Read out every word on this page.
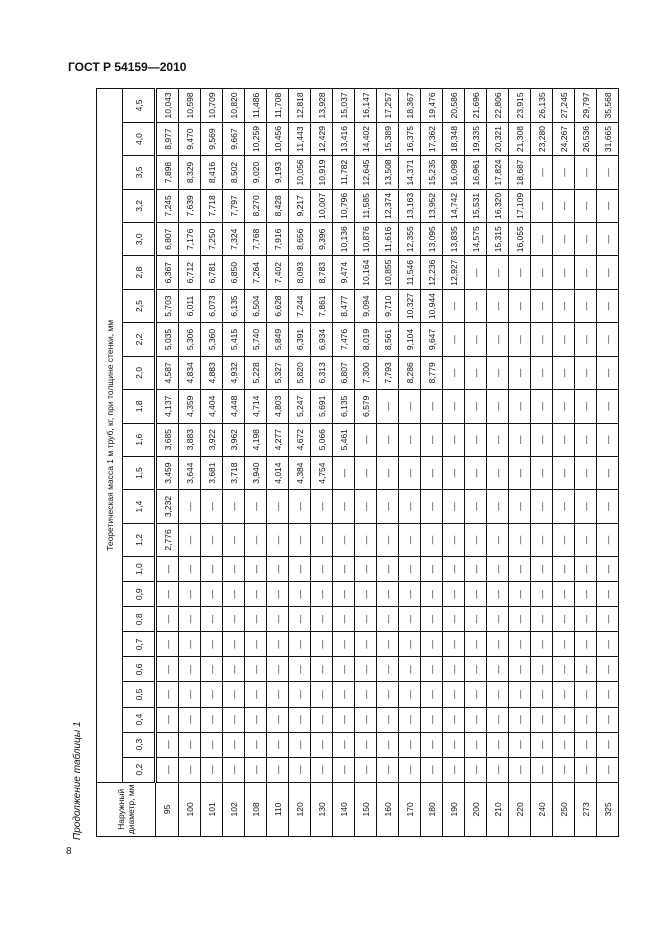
ГОСТ Р 54159—2010
Продолжение таблицы 1
8
Наружный диаметр, мм	Теоретическая масса 1 м труб, кг, при толщине стенки, мм																						
	0,2	0,3	0,4	0,5	0,6	0,7	0,8	0,9	1,0	1,2	1,4	1,5	1,6	1,8	2,0	2,2	2,5	2,8	3,0	3,2	3,5	4,0	4,5
95	—	—	—	—	—	—	—	—	—	2,776	3,232	3,459	3,685	4,137	4,587	5,035	5,703	6,367	6,807	7,245	7,898	8,977	10,043
100	—	—	—	—	—	—	—	—	—	—	—	3,644	3,883	4,359	4,834	5,306	6,011	6,712	7,176	7,639	8,329	9,470	10,598
101	—	—	—	—	—	—	—	—	—	—	—	3,681	3,922	4,404	4,883	5,360	6,073	6,781	7,250	7,718	8,416	9,569	10,709
102	—	—	—	—	—	—	—	—	—	—	—	3,718	3,962	4,448	4,932	5,415	6,135	6,850	7,324	7,797	8,502	9,667	10,820
108	—	—	—	—	—	—	—	—	—	—	—	3,940	4,198	4,714	5,228	5,740	6,504	7,264	7,768	8,270	9,020	10,259	11,486
110	—	—	—	—	—	—	—	—	—	—	—	4,014	4,277	4,803	5,327	5,849	6,628	7,402	7,916	8,428	9,193	10,456	11,708
120	—	—	—	—	—	—	—	—	—	—	—	4,384	4,672	5,247	5,820	6,391	7,244	8,093	8,656	9,217	10,056	11,443	12,818
130	—	—	—	—	—	—	—	—	—	—	—	4,754	5,066	5,691	6,313	6,934	7,861	8,783	9,396	10,007	10,919	12,429	13,928
140	—	—	—	—	—	—	—	—	—	—	—	—	5,461	6,135	6,807	7,476	8,477	9,474	10,136	10,796	11,782	13,416	15,037
150	—	—	—	—	—	—	—	—	—	—	—	—	—	6,579	7,300	8,019	9,094	10,164	10,876	11,585	12,645	14,402	16,147
160	—	—	—	—	—	—	—	—	—	—	—	—	—	—	7,793	8,561	9,710	10,855	11,616	12,374	13,508	15,389	17,257
170	—	—	—	—	—	—	—	—	—	—	—	—	—	—	8,286	9,104	10,327	11,546	12,355	13,163	14,371	16,375	18,367
180	—	—	—	—	—	—	—	—	—	—	—	—	—	—	8,779	9,647	10,944	12,236	13,095	13,952	15,235	17,362	19,476
190	—	—	—	—	—	—	—	—	—	—	—	—	—	—	—	—	—	12,927	13,835	14,742	16,098	18,348	20,586
200	—	—	—	—	—	—	—	—	—	—	—	—	—	—	—	—	—	—	14,575	15,531	16,961	19,335	21,696
210	—	—	—	—	—	—	—	—	—	—	—	—	—	—	—	—	—	—	15,315	16,320	17,824	20,321	22,806
220	—	—	—	—	—	—	—	—	—	—	—	—	—	—	—	—	—	—	16,055	17,109	18,687	21,308	23,915
240	—	—	—	—	—	—	—	—	—	—	—	—	—	—	—	—	—	—	—	—	—	23,280	26,135
250	—	—	—	—	—	—	—	—	—	—	—	—	—	—	—	—	—	—	—	—	—	24,267	27,245
273	—	—	—	—	—	—	—	—	—	—	—	—	—	—	—	—	—	—	—	—	—	26,536	29,797
325	—	—	—	—	—	—	—	—	—	—	—	—	—	—	—	—	—	—	—	—	—	31,665	35,568
